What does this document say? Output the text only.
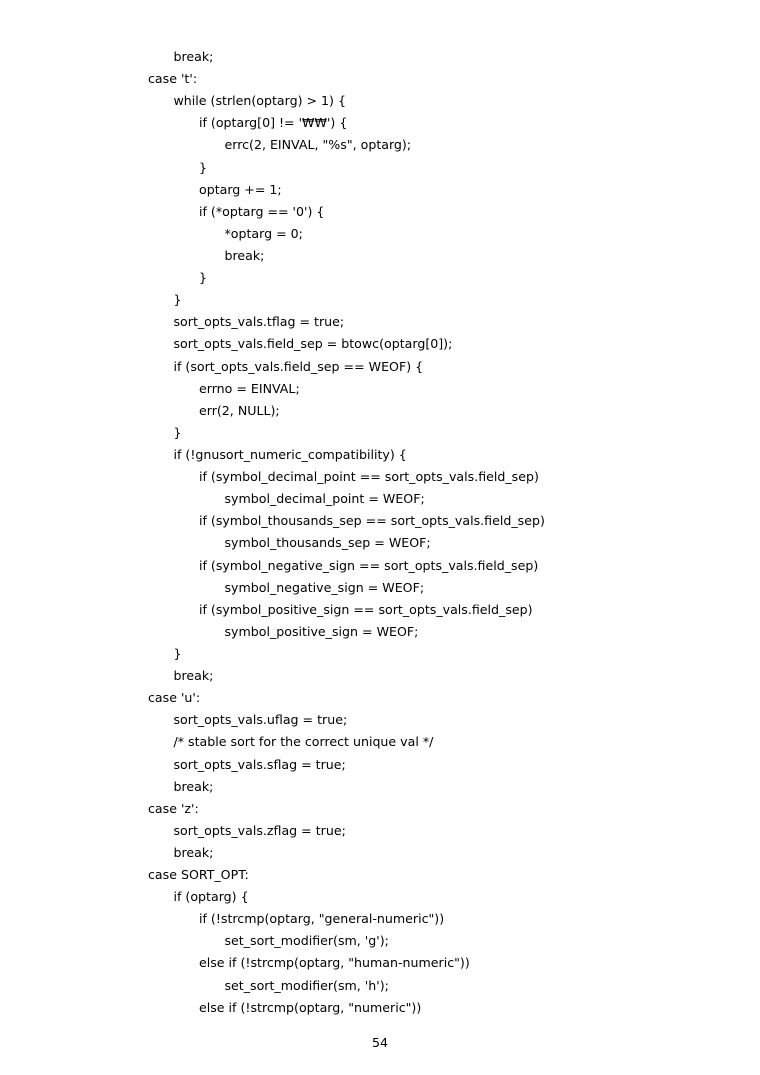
break;
case 't':
while (strlen(optarg) > 1) {
if (optarg[0] != '₩₩') {
errc(2, EINVAL, "%s", optarg);
}
optarg += 1;
if (*optarg == '0') {
*optarg = 0;
break;
}
}
sort_opts_vals.tflag = true;
sort_opts_vals.field_sep = btowc(optarg[0]);
if (sort_opts_vals.field_sep == WEOF) {
errno = EINVAL;
err(2, NULL);
}
if (!gnusort_numeric_compatibility) {
if (symbol_decimal_point == sort_opts_vals.field_sep)
symbol_decimal_point = WEOF;
if (symbol_thousands_sep == sort_opts_vals.field_sep)
symbol_thousands_sep = WEOF;
if (symbol_negative_sign == sort_opts_vals.field_sep)
symbol_negative_sign = WEOF;
if (symbol_positive_sign == sort_opts_vals.field_sep)
symbol_positive_sign = WEOF;
}
break;
case 'u':
sort_opts_vals.uflag = true;
/* stable sort for the correct unique val */
sort_opts_vals.sflag = true;
break;
case 'z':
sort_opts_vals.zflag = true;
break;
case SORT_OPT:
if (optarg) {
if (!strcmp(optarg, "general-numeric"))
set_sort_modifier(sm, 'g');
else if (!strcmp(optarg, "human-numeric"))
set_sort_modifier(sm, 'h');
else if (!strcmp(optarg, "numeric"))
54
